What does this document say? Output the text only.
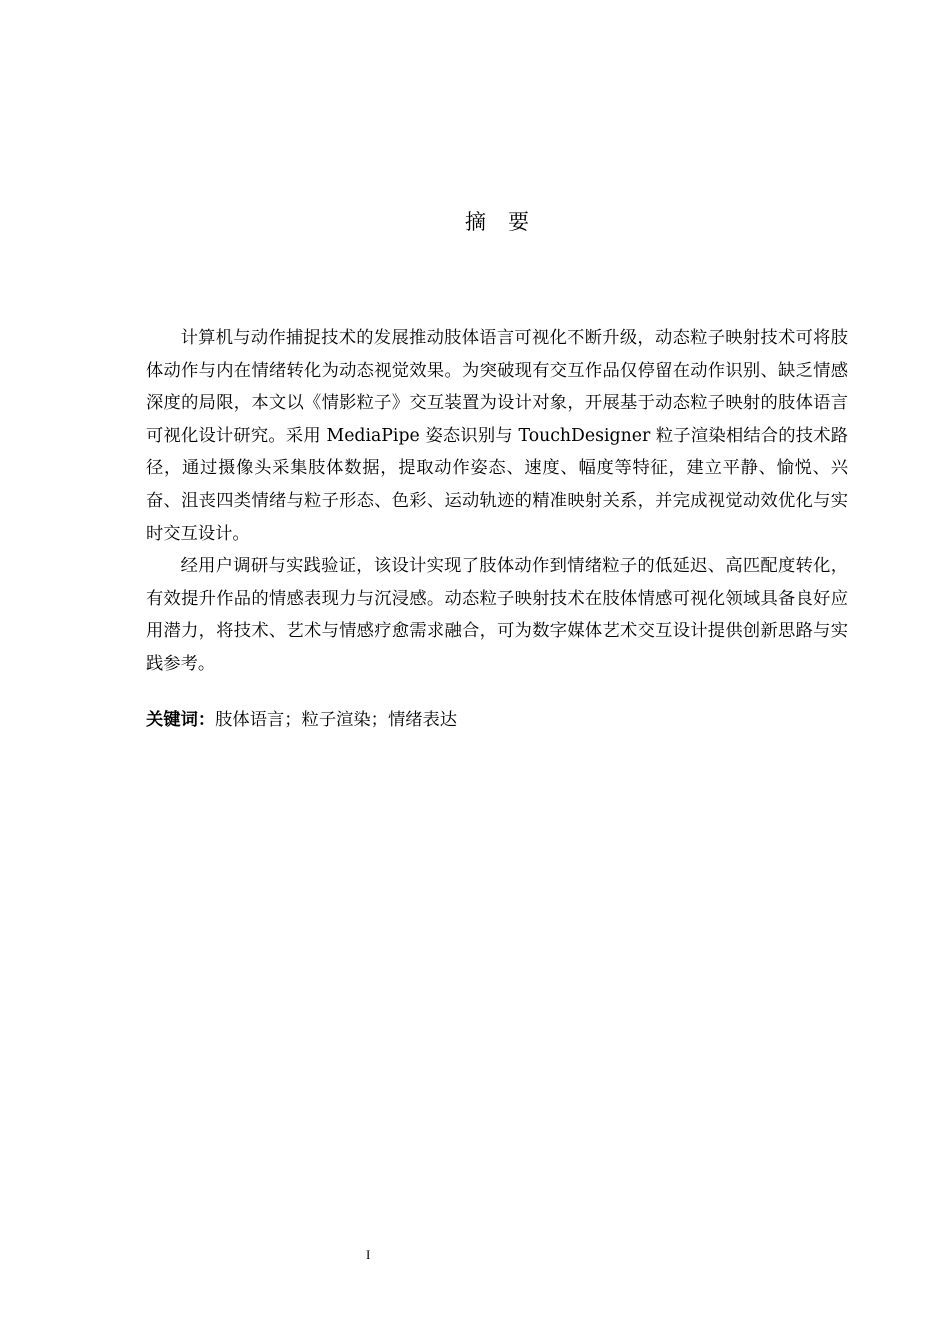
摘要

计算机与动作捕捉技术的发展推动肢体语言可视化不断升级，动态粒子映射技术可将肢体动作与内在情绪转化为动态视觉效果。为突破现有交互作品仅停留在动作识别、缺乏情感深度的局限，本文以《情影粒子》交互装置为设计对象，开展基于动态粒子映射的肢体语言可视化设计研究。采用 MediaPipe 姿态识别与 TouchDesigner 粒子渲染相结合的技术路径，通过摄像头采集肢体数据，提取动作姿态、速度、幅度等特征，建立平静、愉悦、兴奋、沮丧四类情绪与粒子形态、色彩、运动轨迹的精准映射关系，并完成视觉动效优化与实时交互设计。

经用户调研与实践验证，该设计实现了肢体动作到情绪粒子的低延迟、高匹配度转化，有效提升作品的情感表现力与沉浸感。动态粒子映射技术在肢体情感可视化领域具备良好应用潜力，将技术、艺术与情感疗愈需求融合，可为数字媒体艺术交互设计提供创新思路与实践参考。

关键词：肢体语言；粒子渲染；情绪表达
I
